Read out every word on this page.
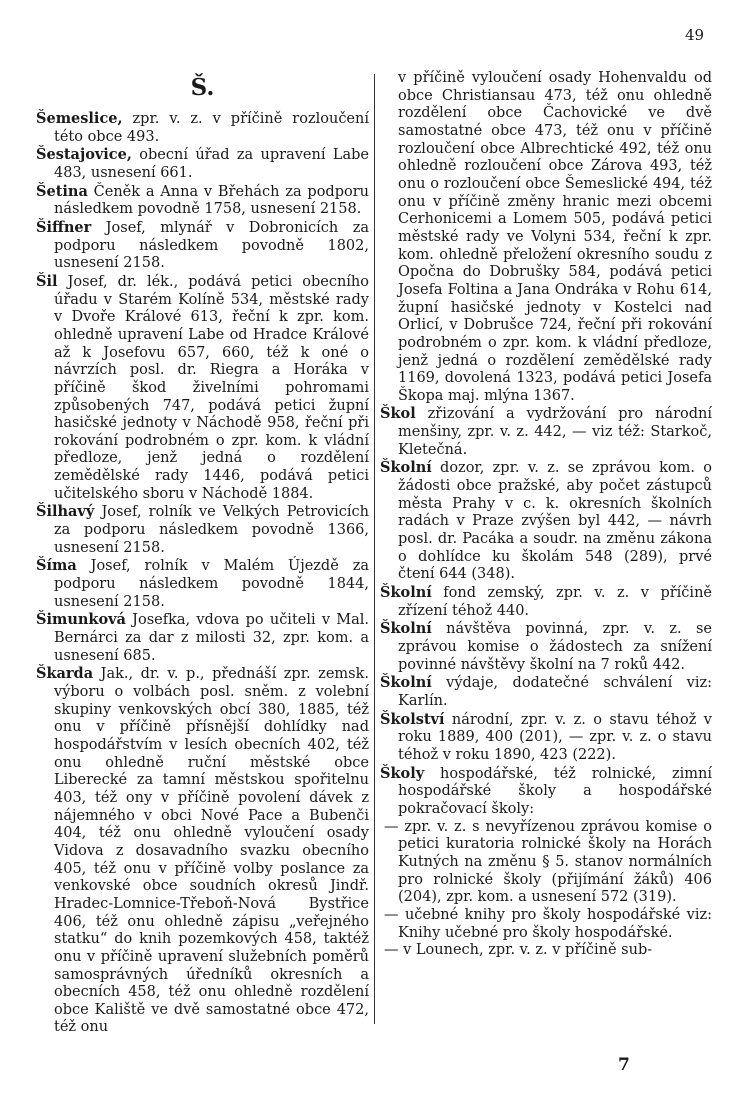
49
Š.

Šemeslice, zpr. v. z. v příčině rozloučení této obce 493.

Šestajovice, obecní úřad za upravení Labe 483, usnesení 661.

Šetina Čeněk a Anna v Břehách za podporu následkem povodně 1758, usnesení 2158.

Šiffner Josef, mlynář v Dobronicích za podporu následkem povodně 1802, usnesení 2158.

Šil Josef, dr. lék., podává petici obecního úřadu v Starém Kolíně 534, městské rady v Dvoře Králové 613, řeční k zpr. kom. ohledně upravení Labe od Hradce Králové až k Josefovu 657, 660, též k oné o návrzích posl. dr. Riegra a Horáka v příčině škod živelními pohromami způsobených 747, podává petici župní hasičské jednoty v Náchodě 958, řeční při rokování podrobném o zpr. kom. k vládní předloze, jenž jedná o rozdělení zemědělské rady 1446, podává petici učitelského sboru v Náchodě 1884.

Šilhavý Josef, rolník ve Velkých Petrovicích za podporu následkem povodně 1366, usnesení 2158.

Šíma Josef, rolník v Malém Újezdě za podporu následkem povodně 1844, usnesení 2158.

Šimunková Josefka, vdova po učiteli v Mal. Bernárci za dar z milosti 32, zpr. kom. a usnesení 685.

Škarda Jak., dr. v. p., přednáší zpr. zemsk. výboru o volbách posl. sněm. z volební skupiny venkovských obcí 380, 1885, též onu v příčině přísnější dohlídky nad hospodářstvím v lesích obecních 402, též onu ohledně ruční městské obce Liberecké za tamní městskou spořitelnu 403, též ony v příčině povolení dávek z nájemného v obci Nové Pace a Bubenči 404, též onu ohledně vyloučení osady Vidova z dosavadního svazku obecního 405, též onu v příčině volby poslance za venkovské obce soudních okresů Jindř. Hradec-Lomnice-Třeboň-Nová Bystřice 406, též onu ohledně zápisu „veřejného statku“ do knih pozemkových 458, taktéž onu v příčině upravení služebních poměrů samosprávných úředníků okresních a obecních 458, též onu ohledně rozdělení obce Kaliště ve dvě samostatné obce 472, též onu

v příčině vyloučení osady Hohenvaldu od obce Christiansau 473, též onu ohledně rozdělení obce Čachovické ve dvě samostatné obce 473, též onu v příčině rozloučení obce Albrechtické 492, též onu ohledně rozloučení obce Zárova 493, též onu o rozloučení obce Šemeslické 494, též onu v příčině změny hranic mezi obcemi Cerhonicemi a Lomem 505, podává petici městské rady ve Volyni 534, řeční k zpr. kom. ohledně přeložení okresního soudu z Opočna do Dobrušky 584, podává petici Josefa Foltina a Jana Ondráka v Rohu 614, župní hasičské jednoty v Kostelci nad Orlicí, v Dobrušce 724, řeční při rokování podrobném o zpr. kom. k vládní předloze, jenž jedná o rozdělení zemědělské rady 1169, dovolená 1323, podává petici Josefa Škopa maj. mlýna 1367.

Škol zřizování a vydržování pro národní menšiny, zpr. v. z. 442, — viz též: Starkoč, Kletečná.

Školní dozor, zpr. v. z. se zprávou kom. o žádosti obce pražské, aby počet zástupců města Prahy v c. k. okresních školních radách v Praze zvýšen byl 442, — návrh posl. dr. Pacáka a soudr. na změnu zákona o dohlídce ku školám 548 (289), prvé čtení 644 (348).

Školní fond zemský, zpr. v. z. v příčině zřízení téhož 440.

Školní návštěva povinná, zpr. v. z. se zprávou komise o žádostech za snížení povinné návštěvy školní na 7 roků 442.

Školní výdaje, dodatečné schválení viz: Karlín.

Školství národní, zpr. v. z. o stavu téhož v roku 1889, 400 (201), — zpr. v. z. o stavu téhož v roku 1890, 423 (222).

Školy hospodářské, též rolnické, zimní hospodářské školy a hospodářské pokračovací školy:

— zpr. v. z. s nevyřízenou zprávou komise o petici kuratoria rolnické školy na Horách Kutných na změnu § 5. stanov normálních pro rolnické školy (přijímání žáků) 406 (204), zpr. kom. a usnesení 572 (319).

— učebné knihy pro školy hospodářské viz: Knihy učebné pro školy hospodářské.

— v Lounech, zpr. v. z. v příčině sub-

7
